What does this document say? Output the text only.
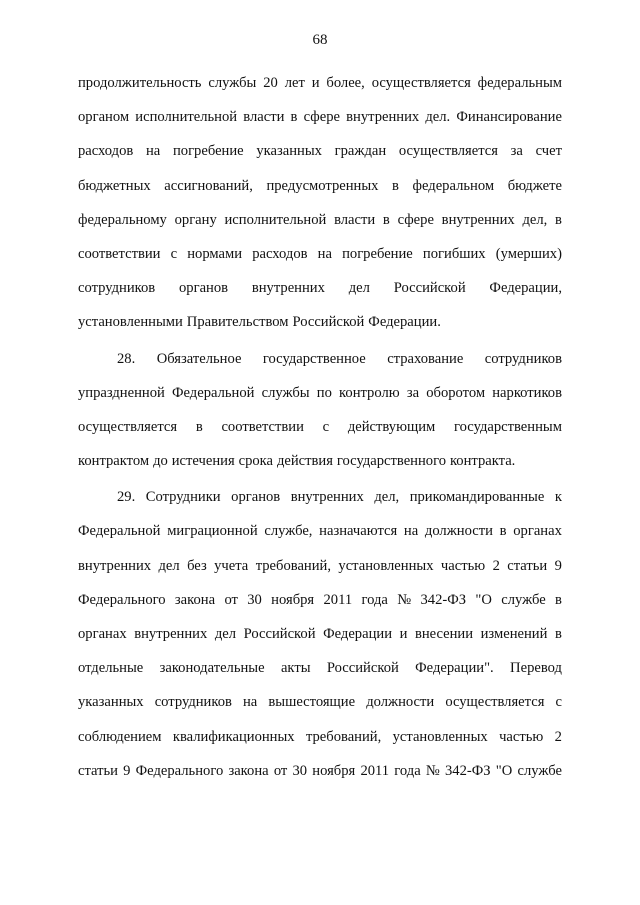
68
продолжительность службы 20 лет и более, осуществляется федеральным
органом исполнительной власти в сфере внутренних дел. Финансирование
расходов на погребение указанных граждан осуществляется за счет
бюджетных ассигнований, предусмотренных в федеральном бюджете
федеральному органу исполнительной власти в сфере внутренних дел, в
соответствии с нормами расходов на погребение погибших (умерших)
сотрудников органов внутренних дел Российской Федерации,
установленными Правительством Российской Федерации.
28. Обязательное государственное страхование сотрудников
упраздненной Федеральной службы по контролю за оборотом наркотиков
осуществляется в соответствии с действующим государственным
контрактом до истечения срока действия государственного контракта.
29. Сотрудники органов внутренних дел, прикомандированные к
Федеральной миграционной службе, назначаются на должности в органах
внутренних дел без учета требований, установленных частью 2 статьи 9
Федерального закона от 30 ноября 2011 года № 342-ФЗ "О службе в
органах внутренних дел Российской Федерации и внесении изменений в
отдельные законодательные акты Российской Федерации". Перевод
указанных сотрудников на вышестоящие должности осуществляется с
соблюдением квалификационных требований, установленных частью 2
статьи 9 Федерального закона от 30 ноября 2011 года № 342-ФЗ "О службе
